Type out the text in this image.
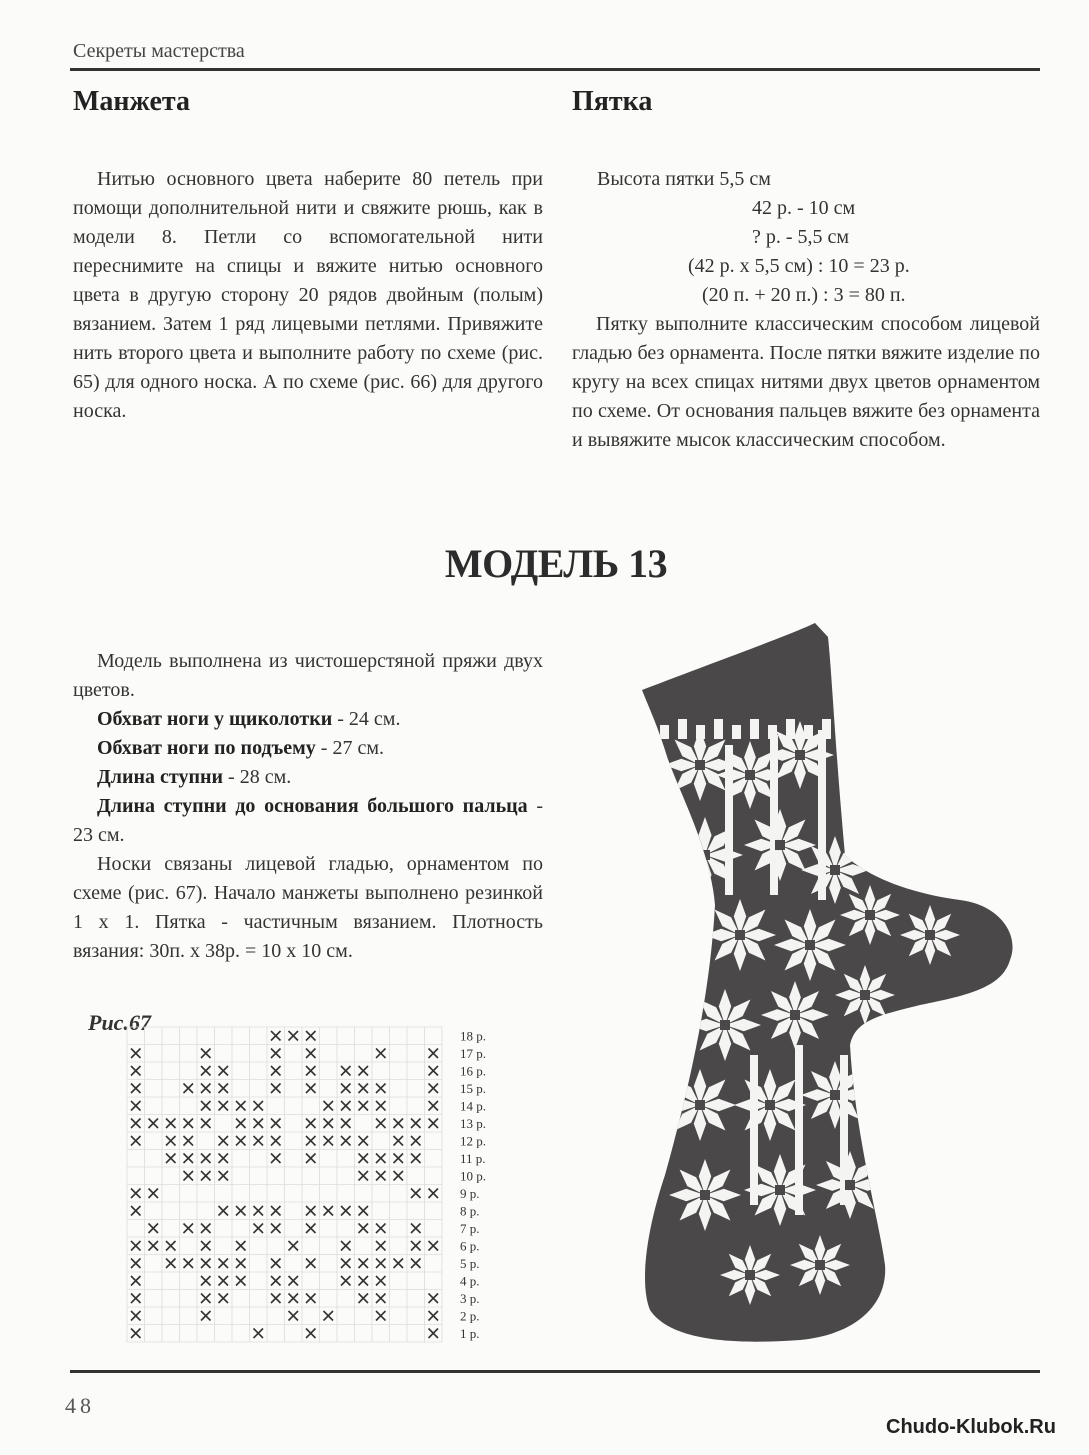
Секреты мастерства
Манжета

Нитью основного цвета наберите 80 петель при помощи дополнительной нити и свяжите рюшь, как в модели 8. Петли со вспомогательной нити переснимите на спицы и вяжите нитью основного цвета в другую сторону 20 рядов двойным (полым) вязанием. Затем 1 ряд лицевыми петлями. Привяжите нить второго цвета и выполните работу по схеме (рис. 65) для одного носка. А по схеме (рис. 66) для другого носка.

Пятка
Высота пятки 5,5 см
42 р. - 10 см
? р. - 5,5 см
(42 р. х 5,5 см) : 10 = 23 р.
(20 п. + 20 п.) : 3 = 80 п.

Пятку выполните классическим способом лицевой гладью без орнамента. После пятки вяжите изделие по кругу на всех спицах нитями двух цветов орнаментом по схеме. От основания пальцев вяжите без орнамента и вывяжите мысок классическим способом.

МОДЕЛЬ 13

Модель выполнена из чистошерстяной пряжи двух цветов.

Обхват ноги у щиколотки - 24 см.
Обхват ноги по подъему - 27 см.
Длина ступни - 28 см.
Длина ступни до основания большого пальца - 23 см.

Носки связаны лицевой гладью, орнаментом по схеме (рис. 67). Начало манжеты выполнено резинкой 1 х 1. Пятка - частичным вязанием. Плотность вязания: 30п. х 38р. = 10 х 10 см.

Рис.67
18 р.
17 р.
16 р.
15 р.
14 р.
13 р.
12 р.
11 р.
10 р.
9 р.
8 р.
7 р.
6 р.
5 р.
4 р.
3 р.
2 р.
1 р.
48
Chudo-Klubok.Ru
